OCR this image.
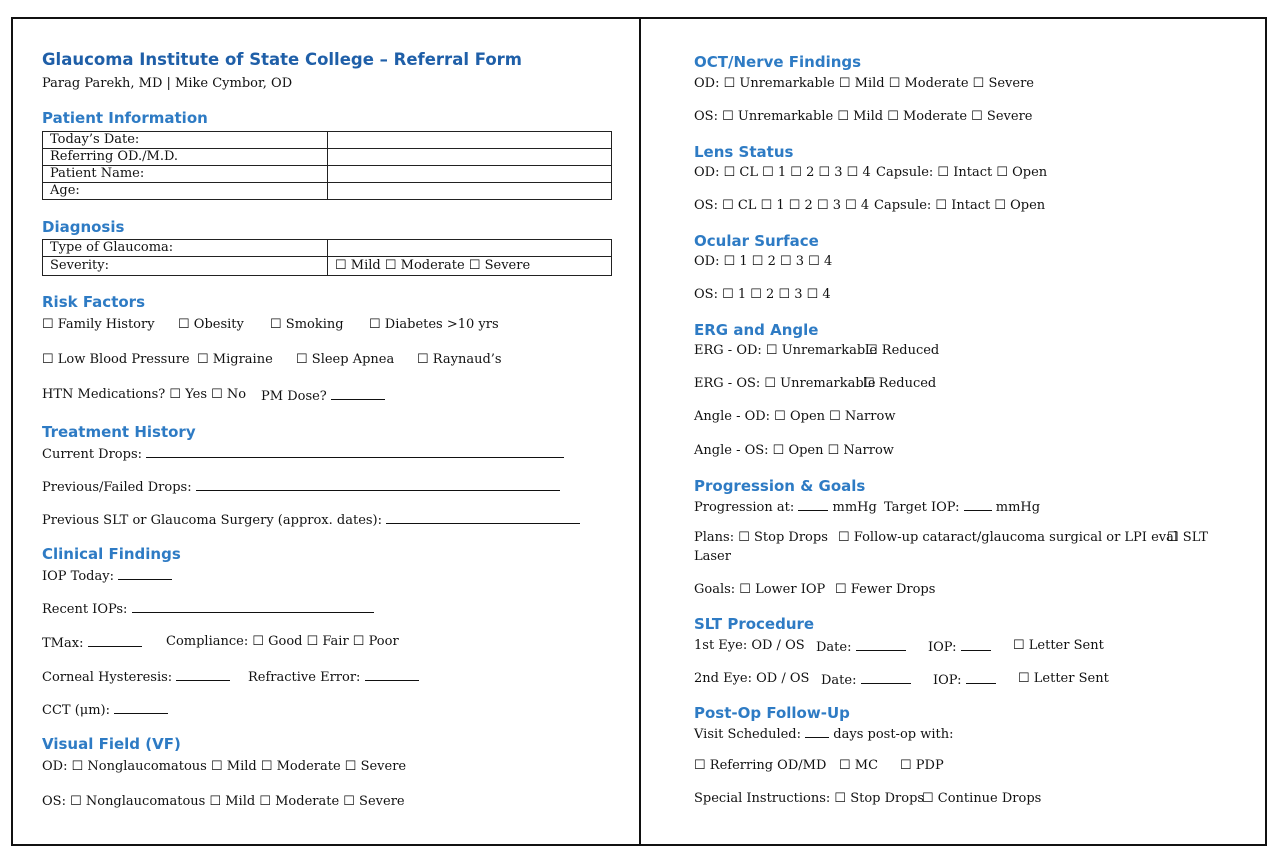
Glaucoma Institute of State College – Referral Form
Parag Parekh, MD | Mike Cymbor, OD
Patient Information
Today’s Date:	
Referring OD./M.D.	
Patient Name:	
Age:	
Diagnosis
Type of Glaucoma:	
Severity:	☐ Mild ☐ Moderate ☐ Severe
Risk Factors
☐ Family History ☐ Obesity ☐ Smoking ☐ Diabetes >10 yrs
☐ Low Blood Pressure ☐ Migraine ☐ Sleep Apnea ☐ Raynaud’s
HTN Medications? ☐ Yes ☐ No PM Dose?
Treatment History
Current Drops:
Previous/Failed Drops:
Previous SLT or Glaucoma Surgery (approx. dates):
Clinical Findings
IOP Today:
Recent IOPs:
TMax:	Compliance: ☐ Good ☐ Fair ☐ Poor
Corneal Hysteresis:	Refractive Error:
CCT (μm):
Visual Field (VF)
OD: ☐ Nonglaucomatous ☐ Mild ☐ Moderate ☐ Severe
OS: ☐ Nonglaucomatous ☐ Mild ☐ Moderate ☐ Severe
OCT/Nerve Findings
OD: ☐ Unremarkable ☐ Mild ☐ Moderate ☐ Severe
OS: ☐ Unremarkable ☐ Mild ☐ Moderate ☐ Severe
Lens Status
OD: ☐ CL ☐ 1 ☐ 2 ☐ 3 ☐ 4 Capsule: ☐ Intact ☐ Open
OS: ☐ CL ☐ 1 ☐ 2 ☐ 3 ☐ 4 Capsule: ☐ Intact ☐ Open
Ocular Surface
OD: ☐ 1 ☐ 2 ☐ 3 ☐ 4
OS: ☐ 1 ☐ 2 ☐ 3 ☐ 4
ERG and Angle
ERG - OD: ☐ Unremarkable
☐ Reduced
ERG - OS: ☐ Unremarkable
☐ Reduced
Angle - OD: ☐ Open ☐ Narrow
Angle - OS: ☐ Open ☐ Narrow
Progression & Goals
Progression at:	mmHg Target IOP:	mmHg
Plans: ☐ Stop Drops ☐ Follow-up cataract/glaucoma surgical or LPI eval
☐ SLT
Laser
Goals: ☐ Lower IOP ☐ Fewer Drops
SLT Procedure
1st Eye: OD / OS Date:	IOP:	☐ Letter Sent
2nd Eye: OD / OS Date:	IOP:	☐ Letter Sent
Post-Op Follow-Up
Visit Scheduled: days post-op with:
☐ Referring OD/MD ☐ MC ☐ PDP
Special Instructions: ☐ Stop Drops
☐ Continue Drops
